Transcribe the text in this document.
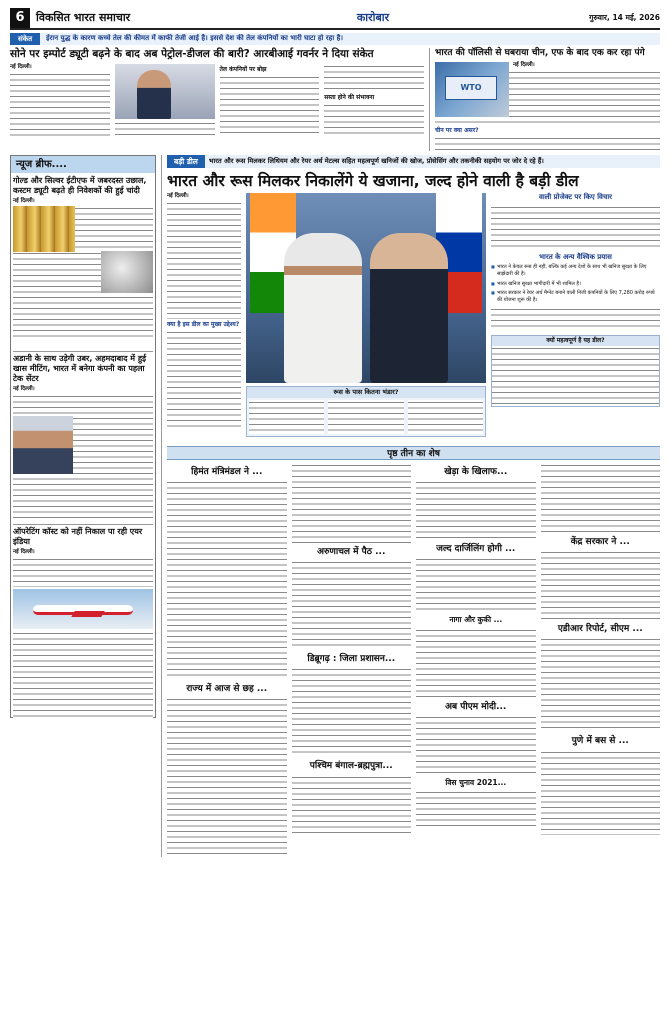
6	विकसित भारत समाचार	कारोबार	गुरुवार, 14 मई, 2026
संकेत	ईरान युद्ध के कारण कच्चे तेल की कीमत में काफी तेजी आई है। इससे देश की तेल कंपनियों का भारी घाटा हो रहा है।
सोने पर इम्पोर्ट ड्यूटी बढ़ने के बाद अब पेट्रोल-डीजल की बारी? आरबीआई गवर्नर ने दिया संकेत
नई दिल्ली।	तेल कंपनियों पर बोझ
सस्ता होने की संभावना
भारत की पॉलिसी से घबराया चीन, एफ के बाद एक कर रहा पंगे
WTO
नई दिल्ली।
चीन पर क्या असर?
न्यूज ब्रीफ....
गोल्ड और सिल्वर ईटीएफ में जबरदस्त उछाल, कस्टम ड्यूटी बढ़ते ही निवेशकों की हुई चांदी
नई दिल्ली।
अडानी के साथ उड़ेगी उबर, अहमदाबाद में हुई खास मीटिंग, भारत में बनेगा कंपनी का पहला टेक सेंटर
नई दिल्ली।
ऑपरेटिंग कॉस्ट को नहीं निकाल पा रही एयर इंडिया
नई दिल्ली।
बड़ी डील	भारत और रूस मिलकर लिथियम और रेयर अर्थ मेटल्स सहित महत्वपूर्ण खनिजों की खोज, प्रोसेसिंग और तकनीकी सहयोग पर जोर दे रहे हैं।
भारत और रूस मिलकर निकालेंगे ये खजाना, जल्द होने वाली है बड़ी डील
नई दिल्ली।
क्या है इस डील का मुख्य उद्देश्य?
रूस के पास कितना भंडार?
वाली प्रोजेक्ट पर किए विचार
भारत के अन्य वैश्विक प्रयास
■ भारत ने केवल रूस ही नहीं, बल्कि कई अन्य देशों के साथ भी खनिज सुरक्षा के लिए साझेदारी की है।
■ भारत खनिज सुरक्षा भागीदारी में भी शामिल है।
■ भारत सरकार ने रेयर अर्थ मैग्नेट बनाने वाली निजी कंपनियों के लिए 7,280 करोड़ रुपये की योजना शुरू की है।
क्यों महत्वपूर्ण है यह डील?
पृष्ठ तीन का शेष
हिमंत मंत्रिमंडल ने ...
राज्य में आज से छह ...
अरुणाचल में पैठ ...
डिब्रूगढ़ : जिला प्रशासन...
पश्चिम बंगाल-ब्रह्मपुत्रा...
खेड़ा के खिलाफ...
जल्द दार्जिलिंग होगी ...
नागा और कुकी ...
अब पीएम मोदी...
विस चुनाव 2021...
केंद्र सरकार ने ...
एडीआर रिपोर्ट, सीएम ...
पुणे में बस से ...
